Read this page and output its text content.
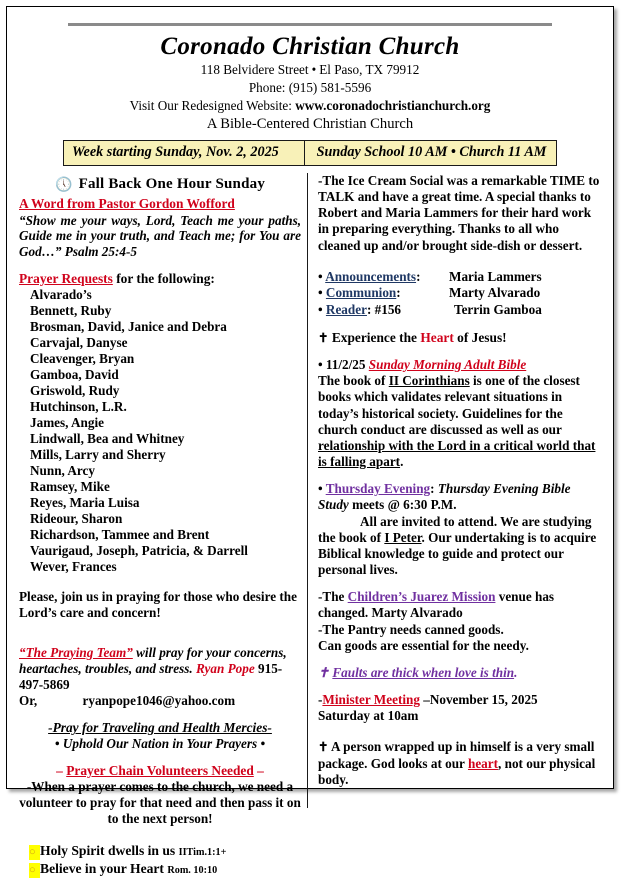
Coronado Christian Church
118 Belvidere Street • El Paso, TX 79912
Phone: (915) 581-5596
Visit Our Redesigned Website: www.coronadochristianchurch.org
A Bible-Centered Christian Church
Week starting Sunday, Nov. 2, 2025	Sunday School 10 AM • Church 11 AM
🕔 Fall Back One Hour Sunday
A Word from Pastor Gordon Wofford

“Show me your ways, Lord, Teach me your paths, Guide me in your truth, and Teach me; for You are God…” Psalm 25:4-5

Prayer Requests for the following:
Alvarado’s
Bennett, Ruby
Brosman, David, Janice and Debra
Carvajal, Danyse
Cleavenger, Bryan
Gamboa, David
Griswold, Rudy
Hutchinson, L.R.
James, Angie
Lindwall, Bea and Whitney
Mills, Larry and Sherry
Nunn, Arcy
Ramsey, Mike
Reyes, Maria Luisa
Rideour, Sharon
Richardson, Tammee and Brent
Vaurigaud, Joseph, Patricia, & Darrell
Wever, Frances

Please, join us in praying for those who desire the Lord’s care and concern!

“The Praying Team” will pray for your concerns, heartaches, troubles, and stress. Ryan Pope 915-497-5869

Or,	ryanpope1046@yahoo.com

-Pray for Traveling and Health Mercies-

• Uphold Our Nation in Your Prayers •

– Prayer Chain Volunteers Needed –

-When a prayer comes to the church, we need a volunteer to pray for that need and then pass it on to the next person!

○ Holy Spirit dwells in us IITim.1:1+
○ Believe in your Heart Rom. 10:10

-The Ice Cream Social was a remarkable TIME to TALK and have a great time. A special thanks to Robert and Maria Lammers for their hard work in preparing everything. Thanks to all who cleaned up and/or brought side-dish or dessert.

• Announcements:	Maria Lammers
• Communion:	Marty Alvarado
• Reader: #156	Terrin Gamboa

✝ Experience the Heart of Jesus!

• 11/2/25 Sunday Morning Adult Bible

The book of II Corinthians is one of the closest books which validates relevant situations in today’s historical society. Guidelines for the church conduct are discussed as well as our relationship with the Lord in a critical world that is falling apart.

• Thursday Evening: Thursday Evening Bible Study meets @ 6:30 P.M.

All are invited to attend. We are studying the book of I Peter. Our undertaking is to acquire Biblical knowledge to guide and protect our personal lives.

-The Children’s Juarez Mission venue has changed. Marty Alvarado

-The Pantry needs canned goods.

Can goods are essential for the needy.

✝ Faults are thick when love is thin.

-Minister Meeting –November 15, 2025

Saturday at 10am

✝ A person wrapped up in himself is a very small package. God looks at our heart, not our physical body.
